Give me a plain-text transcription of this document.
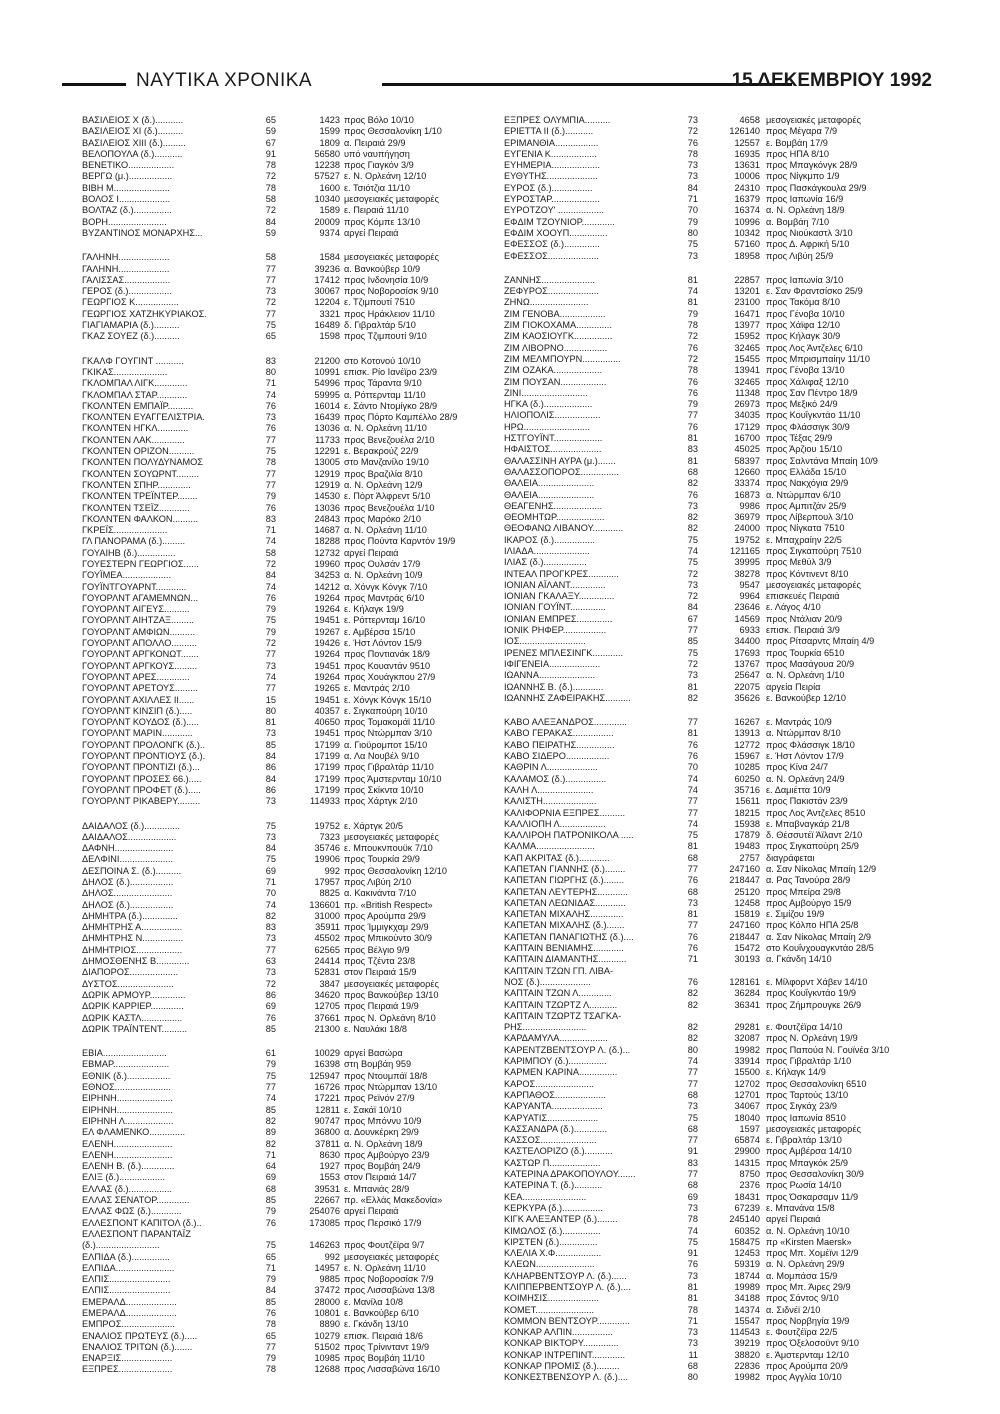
ΝΑΥΤΙΚΑ ΧΡΟΝΙΚΑ	15 ΔΕΚΕΜΒΡΙΟΥ 1992
ΒΑΣΙΛΕΙΟΣ Χ (δ.)...........	65	1423 προς Βόλο 10/10
ΒΑΣΙΛΕΙΟΣ ΧΙ (δ.)..........	59	1599 προς Θεσσαλονίκη 1/10
ΒΑΣΙΛΕΙΟΣ ΧΙΙΙ (δ.).........	67	1809 α. Πειραιά 29/9
ΒΕΛΟΠΟΥΛΑ (δ.)...........	91	56580 υπό ναυπήγηση
ΒΕΝΕΤΙΚΟ..................	78	12238 προς Γιαγκόν 3/9
ΒΕΡΓΩ (μ.).................	72	57527 ε. Ν. Ορλεάνη 12/10
ΒΙΒΗ Μ......................	78	1600 ε. Τσιότζια 11/10
ΒΟΛΟΣ Ι....................	58	10340 μεσογειακές μεταφορές
ΒΟΛΤΑΖ (δ.)...............	72	1589 ε. Πειραιά 11/10
ΒΟΡΗ.......................	84	20009 προς Κόμπε 13/10
ΒΥΖΑΝΤΙΝΟΣ ΜΟΝΑΡΧΗΣ...	59	9374 αργεί Πειραιά
ΓΑΛΗΝΗ....................	58	1584 μεσογειακές μεταφορές
ΓΑΛΗΝΗ....................	77	39236 α. Βανκούβερ 10/9
ΓΑΛΙΣΣΑΣ..................	77	17412 προς Ινδονησία 10/9
ΓΕΡΟΣ (δ.).................	73	30067 προς Νοβοροσίσκ 9/10
ΓΕΩΡΓΙΟΣ Κ.................	72	12204 ε. Τζιμπουτί 7510
ΓΕΩΡΓΙΟΣ ΧΑΤΖΗΚΥΡΙΑΚΟΣ.	77	3321 προς Ηράκλειον 11/10
ΓΙΑΓΙΑΜΑΡΙΑ (δ.)..........	75	16489 δ. Γιβραλτάρ 5/10
ΓΚΑΖ ΣΟΥΕΖ (δ.)..........	65	1598 προς Τζιμπουτί 9/10
ΓΚΑΛΦ ΓΟΥΓΙΝΤ ...........	83	21200 στο Κοτονού 10/10
ΓΚΙΚΑΣ.....................	80	10991 επισκ. Ρίο Ιανέϊρο 23/9
ΓΚΛΟΜΠΑΛ ΛΙΓΚ.............	71	54996 προς Τάραντα 9/10
ΓΚΛΟΜΠΑΛ ΣΤΑΡ............	74	59995 α. Ρόττερνταμ 11/10
ΓΚΟΛΝΤΕΝ ΕΜΠΑΪΡ..........	76	16014 ε. Σάντο Ντομίγκο 28/9
ΓΚΟΛΝΤΕΝ ΕΥΑΓΓΕΛΙΣΤΡΙΑ.	73	16439 προς Πόρτο Καμπέλλο 28/9
ΓΚΟΛΝΤΕΝ ΗΓΚΛ............	76	13036 α. Ν. Ορλεάνη 11/10
ΓΚΟΛΝΤΕΝ ΛΑΚ.............	77	11733 προς Βενεζουέλα 2/10
ΓΚΟΛΝΤΕΝ ΟΡΙΖΟΝ..........	75	12291 ε. Βερακρούζ 22/9
ΓΚΟΛΝΤΕΝ ΠΟΛΥΔΥΝΑΜΟΣ	78	13005 στο Μανζανίλο 19/10
ΓΚΟΛΝΤΕΝ ΣΟΥΩΡΝΤ.........	77	12919 προς Βραζιλία 8/10
ΓΚΟΛΝΤΕΝ ΣΠΗΡ.............	77	12919 α. Ν. Ορλεάνη 12/9
ΓΚΟΛΝΤΕΝ ΤΡΕΪΝΤΕΡ........	79	14530 ε. Πόρτ Άλφρεντ 5/10
ΓΚΟΛΝΤΕΝ ΤΣΕΪΖ............	76	13036 προς Βενεζουέλα 1/10
ΓΚΟΛΝΤΕΝ ΦΑΛΚΟΝ..........	83	24843 προς Μαρόκο 2/10
ΓΚΡΕΪΣ.....................	71	14687 α. Ν. Ορλεάνη 11/10
ΓΛ ΠΑΝΟΡΑΜΑ (δ.).........	74	18288 προς Πούντα Καρντόν 19/9
ΓΟΥΑΙΗΒ (δ.)...............	58	12732 αργεί Πειραιά
ΓΟΥΕΣΤΕΡΝ ΓΕΩΡΓΙΟΣ......	72	19960 προς Ουλσάν 17/9
ΓΟΥΪΜΕΑ...................	84	34253 α. Ν. Ορλεάνη 10/9
ΓΟΥΪΝΤΓΟΥΑΡΝΤ............	74	14212 α. Χόνγκ Κόνγκ 7/10
ΓΟΥΟΡΛΝΤ ΑΓΑΜΕΜΝΩΝ...	76	19264 προς Μαντράς 6/10
ΓΟΥΟΡΛΝΤ ΑΙΓΕΥΣ..........	79	19264 ε. Κήλαγκ 19/9
ΓΟΥΟΡΛΝΤ ΑΙΗΤΖΑΞ.........	75	19451 ε. Ρόττερνταμ 16/10
ΓΟΥΟΡΛΝΤ ΑΜΦΙΩΝ..........	79	19267 ε. Αμβέρσα 15/10
ΓΟΥΟΡΛΝΤ ΑΠΟΛΛΟ..........	72	19426 ε. Ήστ Λόντον 15/9
ΓΟΥΟΡΛΝΤ ΑΡΓΚΟΝΩΤ.......	77	19264 προς Ποντιανάκ 18/9
ΓΟΥΟΡΛΝΤ ΑΡΓΚΟΥΣ.........	73	19451 προς Κουαντάν 9510
ΓΟΥΟΡΛΝΤ ΑΡΕΣ.............	74	19264 προς Χουάγκπου 27/9
ΓΟΥΟΡΛΝΤ ΑΡΕΤΟΥΣ.........	77	19265 ε. Μαντράς 2/10
ΓΟΥΟΡΛΝΤ ΑΧΙΛΛΕΣ ΙΙ......	15	19451 ε. Χόνγκ Κόνγκ 15/10
ΓΟΥΟΡΛΝΤ ΚΙΝΣΙΠ (δ.).....	80	40357 ε. Σιγκαπούρη 10/10
ΓΟΥΟΡΛΝΤ ΚΟΥΔΟΣ (δ.).....	81	40650 προς Τομακομάϊ 11/10
ΓΟΥΟΡΛΝΤ ΜΑΡΙΝ............	73	19451 προς Ντώρμπαν 3/10
ΓΟΥΟΡΛΝΤ ΠΡΟΛΟΝΓΚ (δ.)..	85	17199 α. Γιοϋρομποτ 15/10
ΓΟΥΟΡΛΝΤ ΠΡΟΝΤΙΟΥΣ (δ.).	84	17199 α. Λα Νουβέλ 9/10
ΓΟΥΟΡΛΝΤ ΠΡΟΝΤΙΖΙ (δ.)...	86	17199 προς Γιβραλτάρ 11/10
ΓΟΥΟΡΛΝΤ ΠΡΟΣΕΣ 66.).....	84	17199 προς Άμστερνταμ 10/10
ΓΟΥΟΡΛΝΤ ΠΡΟΦΕΤ (δ.).....	86	17199 προς Σκίκντα 10/10
ΓΟΥΟΡΛΝΤ ΡΙΚΑΒΕΡΥ.........	73	114933 προς Χάρτγκ 2/10
ΔΑΙΔΑΛΟΣ (δ.)..............	75	19752 ε. Χάρτγκ 20/5
ΔΑΙΔΑΛΟΣ...................	73	7323 μεσογειακές μεταφορές
ΔΑΦΝΗ.......................	84	35746 ε. Μπουκνπουϋκ 7/10
ΔΕΛΦΙΝΙ.....................	75	19906 προς Τουρκία 29/9
ΔΕΣΠΟΙΝΑ Σ. (δ.)..........	69	992 προς Θεσσαλονίκη 12/10
ΔΗΛΟΣ (δ.).................	71	17957 προς Λιβύη 2/10
ΔΗΛΟΣ.......................	70	8825 α. Κακινάντα 7/10
ΔΗΛΟΣ (δ.).................	74	136601 πρ. «British Respect»
ΔΗΜΗΤΡΑ (δ.)..............	82	31000 προς Αρούμπα 29/9
ΔΗΜΗΤΡΗΣ Α................	83	35911 προς Ίμμιγκχαμ 29/9
ΔΗΜΗΤΡΗΣ Ν................	73	45502 προς Μπικούντο 30/9
ΔΗΜΗΤΡΙΟΣ..................	77	62565 προς Βέλγιο 9/9
ΔΗΜΟΣΘΕΝΗΣ Β.............	63	24414 προς Τζέντα 23/8
ΔΙΑΠΟΡΟΣ...................	73	52831 στον Πειραιά 15/9
ΔΥΣΤΟΣ......................	72	3847 μεσογειακές μεταφορές
ΔΩΡΙΚ ΑΡΜΟΥΡ..............	86	34620 προς Βανκούβερ 13/10
ΔΩΡΙΚ ΚΑΡΡΙΕΡ.............	69	12705 προς Πειραιά 19/9
ΔΩΡΙΚ ΚΑΣΤΛ................	76	37661 προς Ν. Ορλεάνη 8/10
ΔΩΡΙΚ ΤΡΑΪΝΤΕΝΤ..........	85	21300 ε. Ναυλάκι 18/8
ΕΒΙΑ.........................	61	10029 αργεί Βασώρα
ΕΒΜΑΡ......................	79	16398 στη Βομβάη 959
ΕΘΝΙΚ (δ.).................	75	125947 προς Ντουμπάϊ 18/8
ΕΘΝΟΣ......................	77	16726 προς Ντώρμπαν 13/10
ΕΙΡΗΝΗ......................	74	17221 προς Ρεϊνόν 27/9
ΕΙΡΗΝΗ......................	85	12811 ε. Σακάϊ 10/10
ΕΙΡΗΝΗ Λ...................	82	90747 προς Μπόννυ 10/9
ΕΛ ΦΛΑΜΕΝΚΟ..............	89	36800 α. Δουνκέρκη 29/9
ΕΛΕΝΗ.......................	82	37811 α. Ν. Ορλεάνη 18/9
ΕΛΕΝΗ.......................	71	8630 προς Αμβούργο 23/9
ΕΛΕΝΗ Β. (δ.).............	64	1927 προς Βομβάη 24/9
ΕΛΙΞ (δ.)..................	69	1553 στον Πειραιά 14/7
ΕΛΛΑΣ (δ.).................	68	39531 ε. Μπανιάς 28/9
ΕΛΛΑΣ ΣΕΝΑΤΟΡ.............	85	22667 πρ. «Ελλάς Μακεδονία»
ΕΛΛΑΣ ΦΩΣ (δ.)............	79	254076 αργεί Πειραιά
ΕΛΛΕΣΠΟΝΤ ΚΑΠΙΤΟΛ (δ.)..	76	173085 προς Περσικό 17/9
ΕΛΛΕΣΠΟΝΤ ΠΑΡΑΝΤΑΪΖ
(δ.).........................	75	146263 προς Φουτζέϊρα 9/7
ΕΛΠΙΔΑ (δ.)...............	65	992 μεσογειακές μεταφορές
ΕΛΠΙΔΑ.......................	71	14957 ε. Ν. Ορλεάνη 11/10
ΕΛΠΙΣ........................	79	9885 προς Νοβοροσίσκ 7/9
ΕΛΠΙΣ........................	84	37472 προς Λισσαβώνα 13/8
ΕΜΕΡΑΛΔ....................	85	28000 ε. Μανίλα 10/8
ΕΜΕΡΑΛΔ....................	76	10801 ε. Βανκούβερ 6/10
ΕΜΠΡΟΣ.....................	78	8890 ε. Γκάνδη 13/10
ΕΝΑΛΙΟΣ ΠΡΩΤΕΥΣ (δ.).....	65	10279 επισκ. Πειραιά 18/6
ΕΝΑΛΙΟΣ ΤΡΙΤΩΝ (δ.).......	77	51502 προς Τρίνινταντ 19/9
ΕΝΑΡΞΙΣ....................	79	10985 προς Βομβάη 11/10
ΕΞΠΡΕΣ.....................	78	12688 προς Λισσαβώνα 16/10
ΕΞΠΡΕΣ ΟΛΥΜΠΙΑ..........	73	4658 μεσογειακές μεταφορές
ΕΡΙΕΤΤΑ ΙΙ (δ.)...........	72	126140 προς Μέγαρα 7/9
ΕΡΙΜΑΝΘΙΑ.................	76	12557 ε. Βομβάη 17/9
ΕΥΓΕΝΙΑ Κ..................	78	16935 προς ΗΠΑ 8/10
ΕΥΗΜΕΡΙΑ...................	73	13631 προς Μπαγκόνγκ 28/9
ΕΥΘΥΤΗΣ....................	73	10006 προς Νίγκμπο 1/9
ΕΥΡΟΣ (δ.)................	84	24310 προς Πασκάγκουλα 29/9
ΕΥΡΟΣΤΑΡ...................	71	16379 προς Ιαπωνία 16/9
ΕΥΡΟΤΖΟΥ' ..................	70	16374 α. Ν. Ορλεάνη 18/9
ΕΦΔΙΜ ΤΖΟΥΝΙΟΡ.............	79	10996 α. Βομβάη 7/10
ΕΦΔΙΜ ΧΟΟΥΠ...............	80	10342 προς Νιούκαστλ 3/10
ΕΦΕΣΣΟΣ (δ.)..............	75	57160 προς Δ. Αφρική 5/10
ΕΦΕΣΣΟΣ....................	73	18958 προς Λιβύη 25/9
ΖΑΝΝΗΣ.....................	81	22857 προς Ιαπωνία 3/10
ΖΕΦΥΡΟΣ....................	74	13201 ε. Σαν Φραντσίσκο 25/9
ΖΗΝΩ.......................	81	23100 προς Τακόμα 8/10
ΖΙΜ ΓΕΝΟΒΑ..................	79	16471 προς Γένοβα 10/10
ΖΙΜ ΓΙΟΚΟΧΑΜΑ..............	78	13977 προς Χάϊφα 12/10
ΖΙΜ ΚΑΟΣΙΟΥΓΚ...............	72	15952 προς Κήλαγκ 30/9
ΖΙΜ ΛΙΒΟΡΝΟ.................	76	32465 προς Λος Άντζελες 6/10
ΖΙΜ ΜΕΛΜΠΟΥΡΝ...............	72	15455 προς Μπρισμπαίην 11/10
ΖΙΜ ΟΖΑΚΑ...................	78	13941 προς Γένοβα 13/10
ΖΙΜ ΠΟΥΣΑΝ..................	76	32465 προς Χάλιφαξ 12/10
ΖΙΝΙ..........................	76	11348 προς Σαν Πέντρο 18/9
ΗΓΚΑ (δ.)...................	79	26973 προς Μεξικό 24/9
ΗΛΙΟΠΟΛΙΣ..................	77	34035 προς Κουΐγκντάο 11/10
ΗΡΩ..........................	76	17129 προς Φλάσσιγκ 30/9
ΗΣΤΓΟΥΪΝΤ...................	81	16700 προς Τέξας 29/9
ΗΦΑΙΣΤΟΣ....................	83	45025 προς Άρζιου 15/10
ΘΑΛΑΣΣΙΝΗ ΑΥΡΑ (μ.).......	81	58397 προς Σαλντάνα Μπαίη 10/9
ΘΑΛΑΣΣΟΠΟΡΟΣ...............	68	12660 προς Ελλάδα 15/10
ΘΑΛΕΙΑ......................	82	33374 προς Νακχόγια 29/9
ΘΑΛΕΙΑ......................	76	16873 α. Ντώρμπαν 6/10
ΘΕΑΓΕΝΗΣ...................	73	9986 προς Αμπιτζάν 25/9
ΘΕΟΜΗΤΩΡ...................	82	36979 προς Λίβερπουλ 3/10
ΘΕΟΦΑΝΩ ΛΙΒΑΝΟΥ............	82	24000 προς Νίγκατα 7510
ΙΚΑΡΟΣ (δ.)................	75	19752 ε. Μπαχραίην 22/5
ΙΛΙΑΔΑ......................	74	121165 προς Σιγκαπούρη 7510
ΙΛΙΑΣ (δ.).................	75	39995 προς Μεθύλ 3/9
ΙΝΤΕΑΛ ΠΡΟΓΚΡΕΣ............	72	38278 προς Κόντινεντ 8/10
ΙΟΝΙΑΝ ΑΪΛΑΝΤ..............	73	9547 μεσογειακές μεταφορές
ΙΟΝΙΑΝ ΓΚΑΛΑΞΥ..............	72	9964 επισκευές Πειραιά
ΙΟΝΙΑΝ ΓΟΥΪΝΤ..............	84	23646 ε. Λάγος 4/10
ΙΟΝΙΑΝ ΕΜΠΡΕΣ..............	67	14569 προς Ντάλιαν 20/9
ΙΟΝΙΚ ΡΗΦΕΡ.................	77	6933 επισκ. Πειραιά 3/9
ΙΟΣ..........................	85	34400 προς Ρίτσαρντς Μπαίη 4/9
ΙΡΕΝΕΣ ΜΠΛΕΣΙΝΓΚ............	75	17693 προς Τουρκία 6510
ΙΦΙΓΕΝΕΙΑ....................	72	13767 προς Μασάγουα 20/9
ΙΩΑΝΝΑ......................	73	25647 α. Ν. Ορλεάνη 1/10
ΙΩΑΝΝΗΣ Β. (δ.)............	81	22075 αργεία Πειρία
ΙΩΑΝΝΗΣ ΖΑΦΕΙΡΑΚΗΣ..........	82	35626 ε. Βανκούβερ 12/10
ΚΑΒΟ ΑΛΕΞΑΝΔΡΟΣ.............	77	16267 ε. Μαντράς 10/9
ΚΑΒΟ ΓΕΡΑΚΑΣ................	81	13913 α. Ντώρμπαν 8/10
ΚΑΒΟ ΠΕΙΡΑΤΗΣ...............	76	12772 προς Φλάσσιγκ 18/10
ΚΑΒΟ ΣΙΔΕΡΟ.................	76	15967 ε. Ήστ Λόντον 17/9
ΚΑΘΡΙΝ Λ....................	70	10285 προς Κίνα 24/7
ΚΑΛΑΜΟΣ (δ.)................	74	60250 α. Ν. Ορλεάνη 24/9
ΚΑΛΗ Λ......................	74	35716 ε. Δαμιέττα 10/9
ΚΑΛΙΣΤΗ.....................	77	15611 προς Πακιστάν 23/9
ΚΑΛΙΦΟΡΝΙΑ ΕΞΠΡΕΣ..........	77	18215 προς Λος Άντζελες 8510
ΚΑΛΛΙΟΠΗ Λ..................	74	15938 ε. Μπαβναγκάρ 21/8
ΚΑΛΛΙΡΟΗ ΠΑΤΡΟΝΙΚΟΛΑ .....	75	17879 δ. Θέσσυτέϊ Άϊλαντ 2/10
ΚΑΛΜΑ.......................	81	19483 προς Σιγκαπούρη 25/9
ΚΑΠ ΑΚΡΙΤΑΣ (δ.)............	68	2757 διαγράφεται
ΚΑΠΕΤΑΝ ΓΙΑΝΝΗΣ (δ.)........	77	247160 α. Σαν Νίκολας Μπαίη 12/9
ΚΑΠΕΤΑΝ ΓΙΩΡΓΗΣ (δ.)........	76	218447 α. Ρας Τανούρα 28/9
ΚΑΠΕΤΑΝ ΛΕΥΤΕΡΗΣ............	68	25120 προς Μπείρα 29/8
ΚΑΠΕΤΑΝ ΛΕΩΝΙΔΑΣ............	73	12458 προς Αμβούργο 15/9
ΚΑΠΕΤΑΝ ΜΙΧΑΛΗΣ.............	81	15819 ε. Σιμίζου 19/9
ΚΑΠΕΤΑΝ ΜΙΧΑΛΗΣ (δ.).......	77	247160 προς Κόλπο ΗΠΑ 25/8
ΚΑΠΕΤΑΝ ΠΑΝΑΓΙΩΤΗΣ (δ.)....	76	218447 α. Σαν Νίκολας Μπαίη 2/9
ΚΑΠΤΑΙΝ ΒΕΝΙΑΜΗΣ............	76	15472 στο Κουΐνχουαγκντάο 28/5
ΚΑΠΤΑΙΝ ΔΙΑΜΑΝΤΗΣ...........	71	30193 α. Γκάνδη 14/10
ΚΑΠΤΑΙΝ ΤΖΩΝ ΓΠ. ΛΙΒΑ-
ΝΟΣ (δ.)....................	76	128161 ε. Μίλφορντ Χάβεν 14/10
ΚΑΠΤΑΙΝ ΤΖΩΝ Λ.............	82	36284 προς Κουΐγκντάο 19/9
ΚΑΠΤΑΙΝ ΤΖΩΡΤΖ Λ...........	82	36341 προς Ζήμπρουγκε 26/9
ΚΑΠΤΑΙΝ ΤΖΩΡΤΖ ΤΣΑΓΚΑ-
ΡΗΣ.........................	82	29281 ε. Φουτζέϊρα 14/10
ΚΑΡΔΑΜΥΛΑ...................	82	32087 προς Ν. Ορλεάνη 19/9
ΚΑΡΕΝΤΖΒΕΝΤΣΟΥΡ Λ. (δ.)...	80	19982 προς Παπούα Ν. Γουϊνέα 3/10
ΚΑΡΙΜΠΟΥ (δ.)...............	74	33914 προς Γιβραλτάρ 1/10
ΚΑΡΜΕΝ ΚΑΡΙΝΑ...............	77	15500 ε. Κήλαγκ 14/9
ΚΑΡΟΣ.......................	77	12702 προς Θεσσαλονίκη 6510
ΚΑΡΠΑΘΟΣ....................	68	12701 προς Ταρτούς 13/10
ΚΑΡΥΑΝΤΑ....................	73	34067 προς Σιγκάχ 23/9
ΚΑΡΥΑΤΙΣ....................	75	18040 προς Ιαπωνία 8510
ΚΑΣΣΑΝΔΡΑ (δ.).............	68	1597 μεσογειακές μεταφορές
ΚΑΣΣΟΣ......................	77	65874 ε. Γιβραλτάρ 13/10
ΚΑΣΤΕΛΟΡΙΖΟ (δ.)...........	91	29900 προς Αμβέρσα 14/10
ΚΑΣΤΩΡ Π....................	83	14315 προς Μπαγκόκ 25/9
ΚΑΤΕΡΙΝΑ ΔΡΑΚΟΠΟΥΛΟΥ.......	77	8750 προς Θεσσαλονίκη 30/9
ΚΑΤΕΡΙΝΑ Τ. (δ.)...........	68	2376 προς Ρωσία 14/10
ΚΕΑ.........................	69	18431 προς Όσκαρσαμν 11/9
ΚΕΡΚΥΡΑ (δ.)................	73	67239 ε. Μπανάνα 15/8
ΚΙΓΚ ΑΛΕΞΑΝΤΕΡ (δ.)........	78	245140 αργεί Πειραιά
ΚΙΜΩΛΟΣ (δ.)...............	74	60352 α. Ν. Ορλεάνη 10/10
ΚΙΡΣΤΕΝ (δ.)...............	75	158475 πρ «Kirsten Maersk»
ΚΛΕΛΙΑ Χ.Φ..................	91	12453 προς Μπ. Χομέϊνι 12/9
ΚΛΕΩΝ.......................	76	59319 α. Ν. Ορλεάνη 29/9
ΚΛΗΑΡΒΕΝΤΣΟΥΡ Λ. (δ.)......	73	18744 α. Μομπάσα 15/9
ΚΛΙΠΠΕΡΒΕΝΤΣΟΥΡ Λ. (δ.)....	81	19989 προς Μπ. Άιρες 29/9
ΚΟΙΜΗΣΙΣ....................	81	34188 προς Σάντος 9/10
ΚΟΜΕΤ.......................	78	14374 α. Σιδνέϊ 2/10
ΚΟΜΜΟΝ ΒΕΝΤΣΟΥΡ.............	71	15547 προς Νορβηγία 19/9
ΚΟΝΚΑΡ ΑΛΠΙΝ................	73	114543 ε. Φουτζέϊρα 22/5
ΚΟΝΚΑΡ ΒΙΚΤΟΡΥ..............	73	39219 προς Όξελοσοϋντ 9/10
ΚΟΝΚΑΡ ΙΝΤΡΕΠΙΝΤ.............	11	38820 ε. Άμστερνταμ 12/10
ΚΟΝΚΑΡ ΠΡΟΜΙΣ (δ.).........	68	22836 προς Αρούμπα 20/9
ΚΟΝΚΕΣΤΒΕΝΣΟΥΡ Λ. (δ.)....	80	19982 προς Αγγλία 10/10
